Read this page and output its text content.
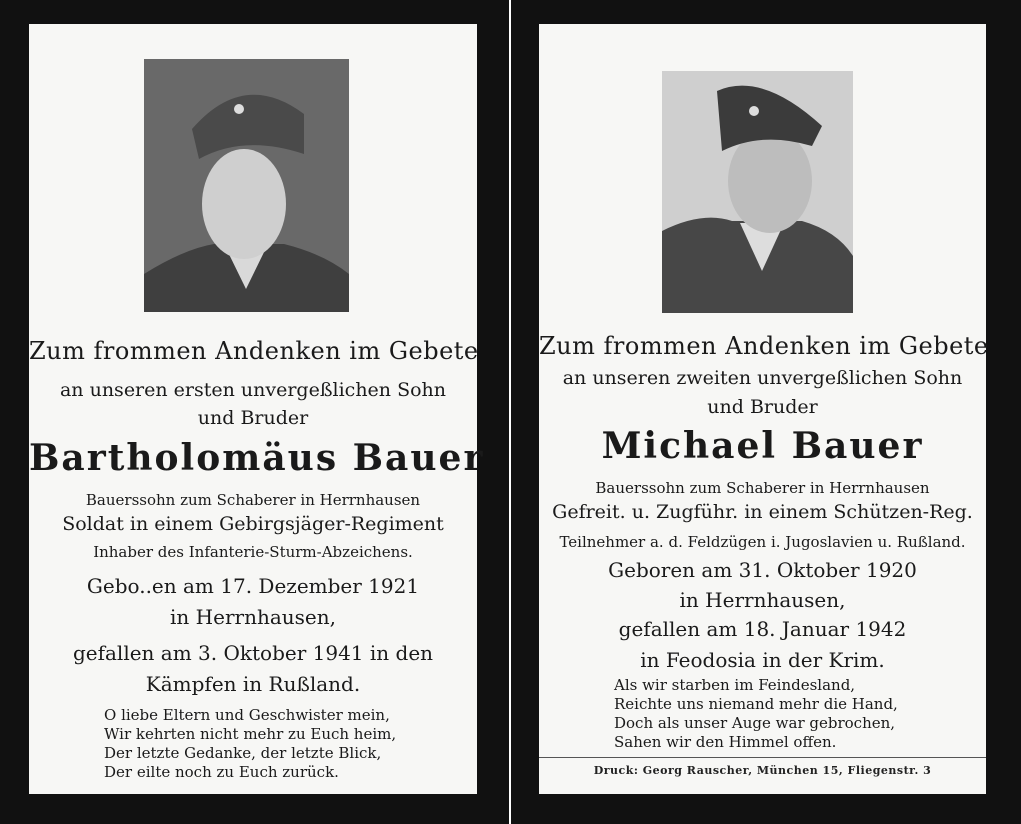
Zum frommen Andenken im Gebete
an unseren ersten unvergeßlichen Sohn
und Bruder
Bartholomäus Bauer
Bauerssohn zum Schaberer in Herrnhausen
Soldat in einem Gebirgsjäger-Regiment
Inhaber des Infanterie-Sturm-Abzeichens.
Gebo..en am 17. Dezember 1921
in Herrnhausen,
gefallen am 3. Oktober 1941 in den
Kämpfen in Rußland.
O liebe Eltern und Geschwister mein,
Wir kehrten nicht mehr zu Euch heim,
Der letzte Gedanke, der letzte Blick,
Der eilte noch zu Euch zurück.
Zum frommen Andenken im Gebete
an unseren zweiten unvergeßlichen Sohn
und Bruder
Michael Bauer
Bauerssohn zum Schaberer in Herrnhausen
Gefreit. u. Zugführ. in einem Schützen-Reg.
Teilnehmer a. d. Feldzügen i. Jugoslavien u. Rußland.
Geboren am 31. Oktober 1920
in Herrnhausen,
gefallen am 18. Januar 1942
in Feodosia in der Krim.
Als wir starben im Feindesland,
Reichte uns niemand mehr die Hand,
Doch als unser Auge war gebrochen,
Sahen wir den Himmel offen.
Druck: Georg Rauscher, München 15, Fliegenstr. 3
